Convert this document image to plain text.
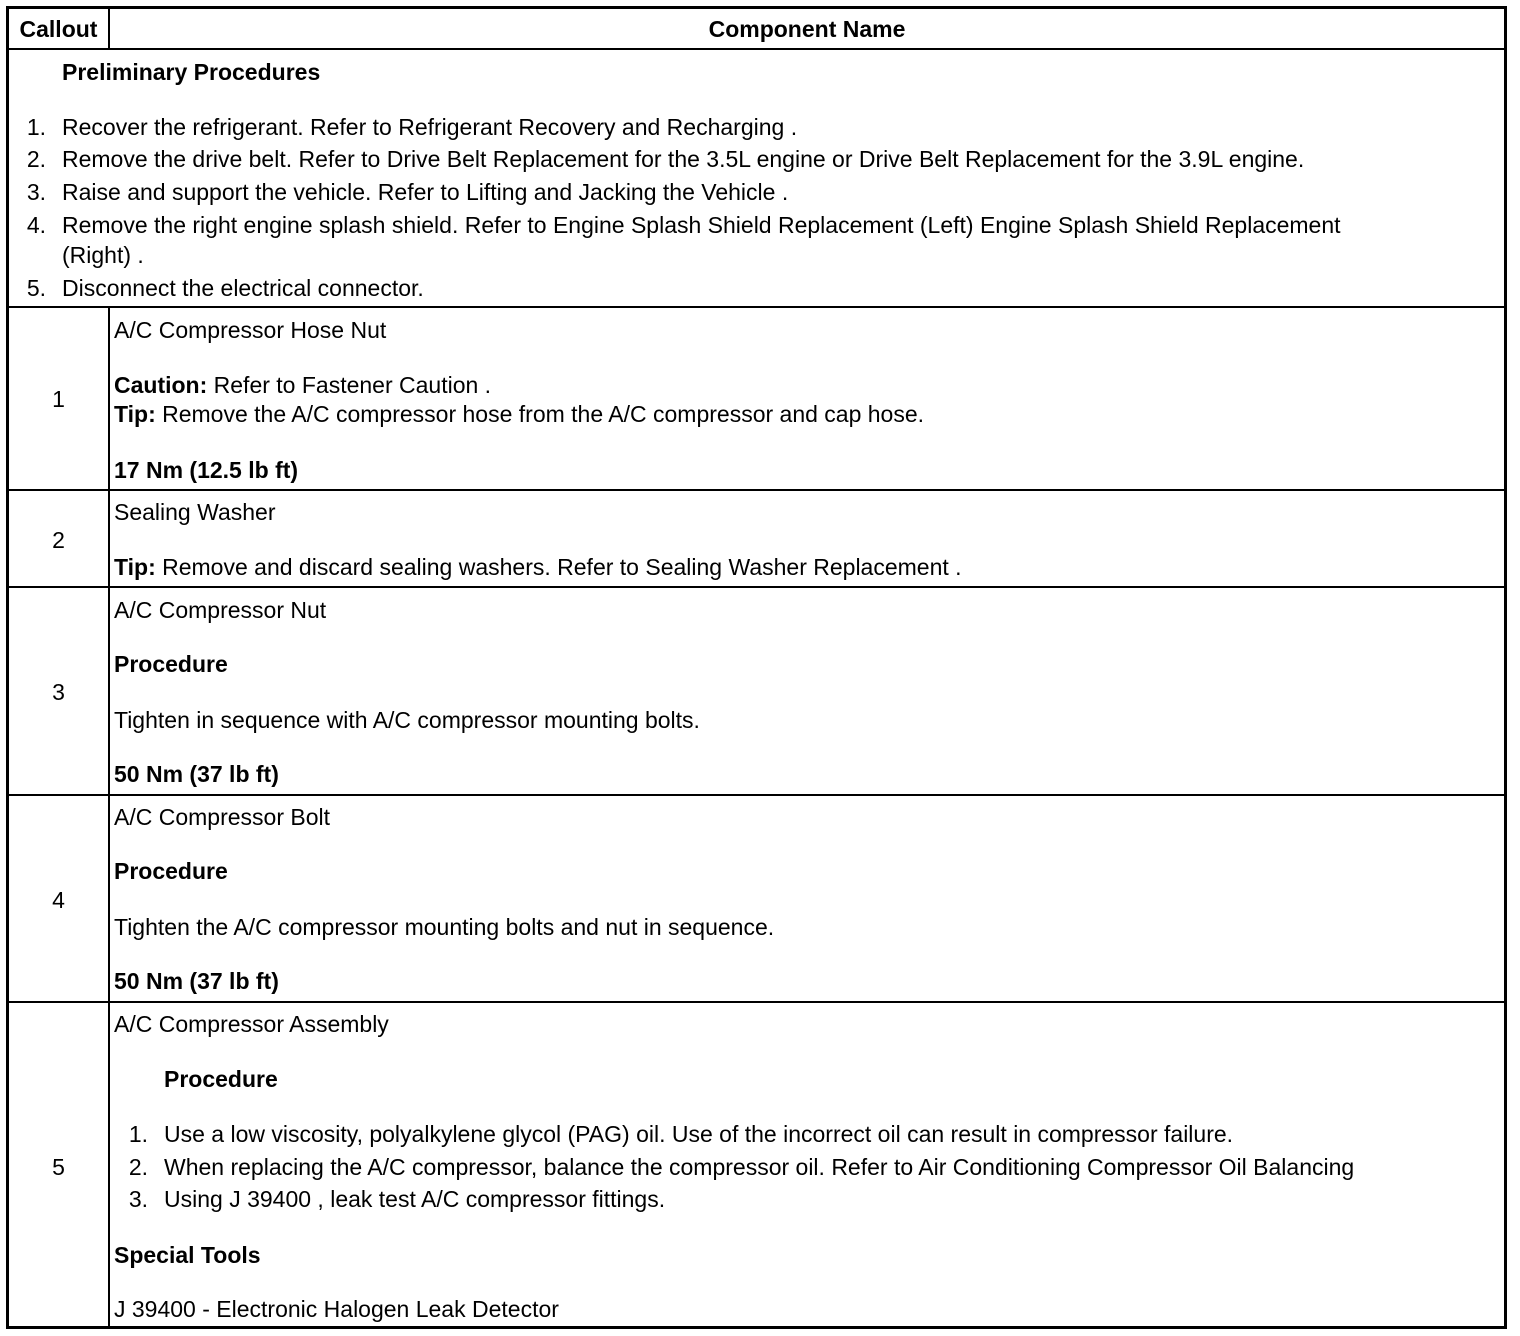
Callout	Component Name
Preliminary Procedures
1. Recover the refrigerant. Refer to Refrigerant Recovery and Recharging .
2. Remove the drive belt. Refer to Drive Belt Replacement for the 3.5L engine or Drive Belt Replacement for the 3.9L engine.
3. Raise and support the vehicle. Refer to Lifting and Jacking the Vehicle .
4. Remove the right engine splash shield. Refer to Engine Splash Shield Replacement (Left) Engine Splash Shield Replacement
(Right) .
5. Disconnect the electrical connector.
1
A/C Compressor Hose Nut
Caution: Refer to Fastener Caution .
Tip: Remove the A/C compressor hose from the A/C compressor and cap hose.
17 Nm (12.5 lb ft)
2
Sealing Washer
Tip: Remove and discard sealing washers. Refer to Sealing Washer Replacement .
3
A/C Compressor Nut
Procedure
Tighten in sequence with A/C compressor mounting bolts.
50 Nm (37 lb ft)
4
A/C Compressor Bolt
Procedure
Tighten the A/C compressor mounting bolts and nut in sequence.
50 Nm (37 lb ft)
5
A/C Compressor Assembly
Procedure
1. Use a low viscosity, polyalkylene glycol (PAG) oil. Use of the incorrect oil can result in compressor failure.
2. When replacing the A/C compressor, balance the compressor oil. Refer to Air Conditioning Compressor Oil Balancing
3. Using J 39400 , leak test A/C compressor fittings.
Special Tools
J 39400 - Electronic Halogen Leak Detector
